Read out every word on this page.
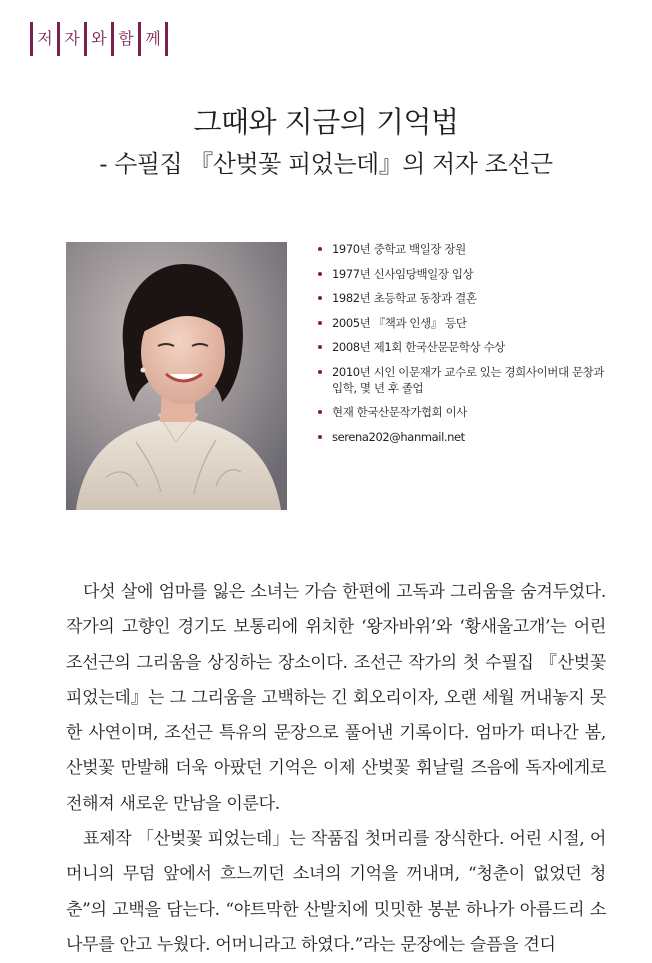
저 자 와 함 께
그때와 지금의 기억법

- 수필집 『산벚꽃 피었는데』의 저자 조선근

1970년 중학교 백일장 장원
1977년 신사임당백일장 입상
1982년 초등학교 동창과 결혼
2005년 『책과 인생』 등단
2008년 제1회 한국산문문학상 수상
2010년 시인 이문재가 교수로 있는 경희사이버대 문창과 입학, 몇 년 후 졸업
현재 한국산문작가협회 이사
serena202@hanmail.net

다섯 살에 엄마를 잃은 소녀는 가슴 한편에 고독과 그리움을 숨겨두었다. 작가의 고향인 경기도 보통리에 위치한 ‘왕자바위’와 ‘황새울고개’는 어린 조선근의 그리움을 상징하는 장소이다. 조선근 작가의 첫 수필집 『산벚꽃 피었는데』는 그 그리움을 고백하는 긴 회오리이자, 오랜 세월 꺼내놓지 못한 사연이며, 조선근 특유의 문장으로 풀어낸 기록이다. 엄마가 떠나간 봄, 산벚꽃 만발해 더욱 아팠던 기억은 이제 산벚꽃 휘날릴 즈음에 독자에게로 전해져 새로운 만남을 이룬다.

표제작 「산벚꽃 피었는데」는 작품집 첫머리를 장식한다. 어린 시절, 어머니의 무덤 앞에서 흐느끼던 소녀의 기억을 꺼내며, “청춘이 없었던 청춘”의 고백을 담는다. “야트막한 산발치에 밋밋한 봉분 하나가 아름드리 소나무를 안고 누웠다. 어머니라고 하였다.”라는 문장에는 슬픔을 견디
